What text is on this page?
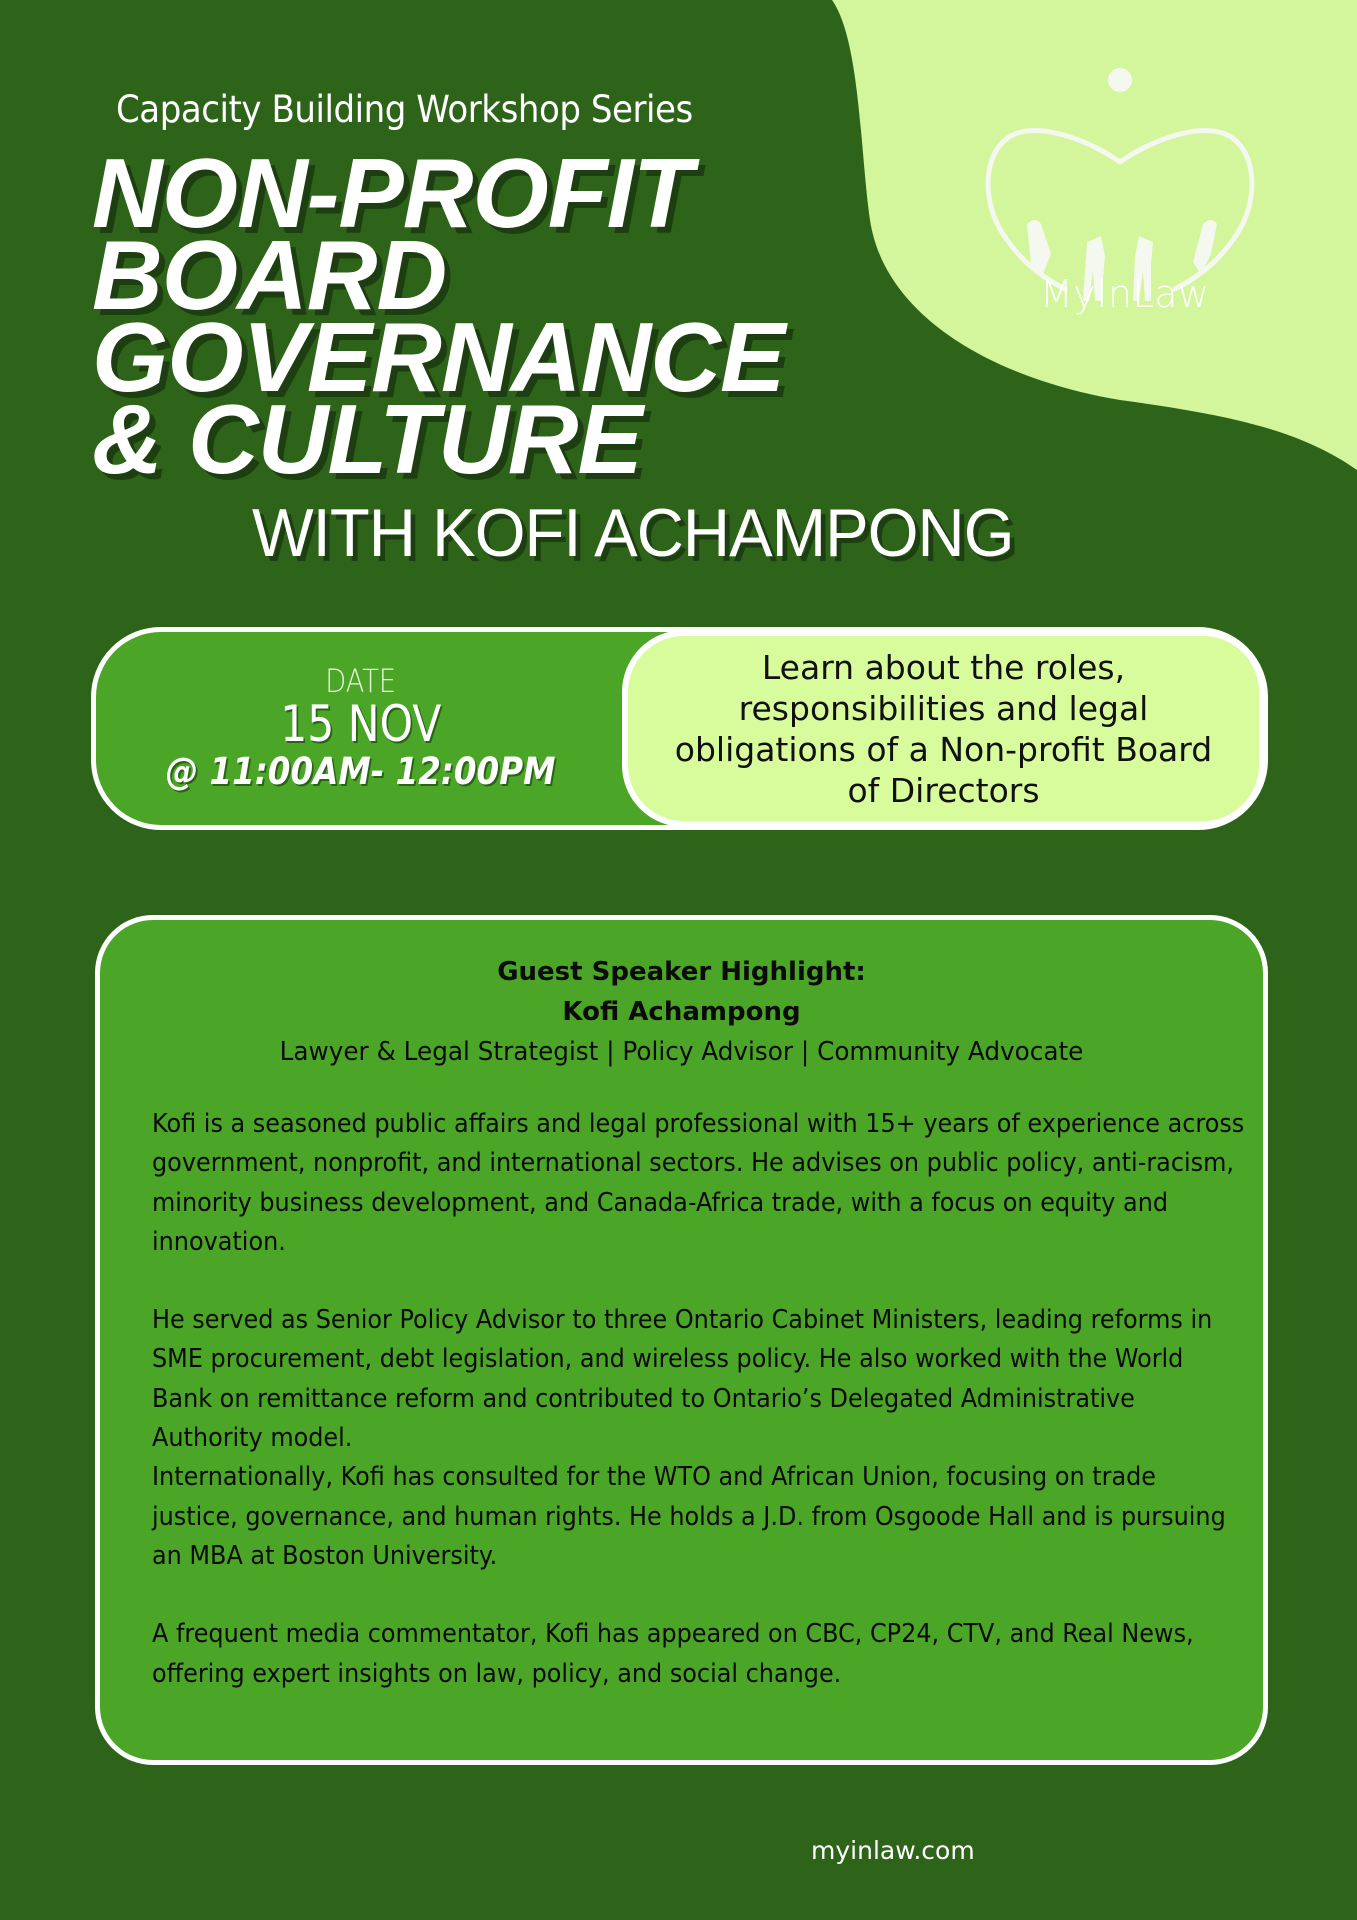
MyInLaw
Capacity Building Workshop Series
NON-PROFIT
BOARD
GOVERNANCE
& CULTURE
WITH KOFI ACHAMPONG
DATE
15 NOV
@ 11:00AM- 12:00PM

Learn about the roles, responsibilities and legal obligations of a Non-profit Board of Directors

Guest Speaker Highlight:
Kofi Achampong
Lawyer & Legal Strategist | Policy Advisor | Community Advocate

Kofi is a seasoned public affairs and legal professional with 15+ years of experience across government, nonprofit, and international sectors. He advises on public policy, anti-racism, minority business development, and Canada-Africa trade, with a focus on equity and innovation.

He served as Senior Policy Advisor to three Ontario Cabinet Ministers, leading reforms in SME procurement, debt legislation, and wireless policy. He also worked with the World Bank on remittance reform and contributed to Ontario’s Delegated Administrative Authority model.

Internationally, Kofi has consulted for the WTO and African Union, focusing on trade justice, governance, and human rights. He holds a J.D. from Osgoode Hall and is pursuing an MBA at Boston University.

A frequent media commentator, Kofi has appeared on CBC, CP24, CTV, and Real News, offering expert insights on law, policy, and social change.

myinlaw.com
